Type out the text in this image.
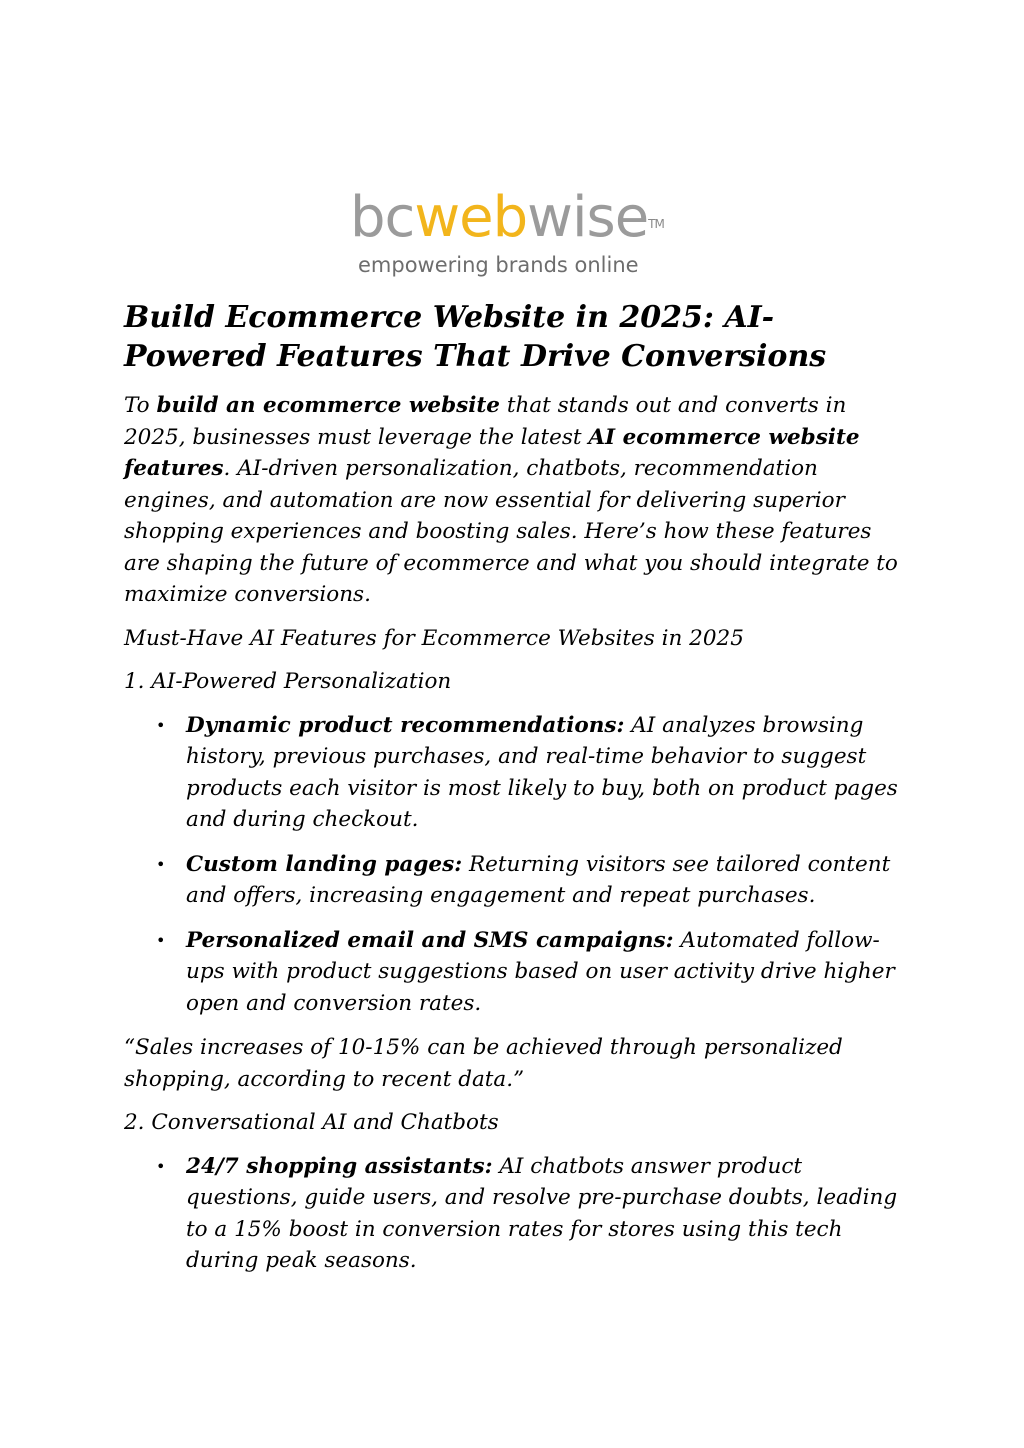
bcwebwise™
empowering brands online
Build Ecommerce Website in 2025: AI-Powered Features That Drive Conversions

To build an ecommerce website that stands out and converts in 2025, businesses must leverage the latest AI ecommerce website features. AI-driven personalization, chatbots, recommendation engines, and automation are now essential for delivering superior shopping experiences and boosting sales. Here’s how these features are shaping the future of ecommerce and what you should integrate to maximize conversions.

Must-Have AI Features for Ecommerce Websites in 2025

1. AI-Powered Personalization

• Dynamic product recommendations: AI analyzes browsing history, previous purchases, and real-time behavior to suggest products each visitor is most likely to buy, both on product pages and during checkout.
• Custom landing pages: Returning visitors see tailored content and offers, increasing engagement and repeat purchases.
• Personalized email and SMS campaigns: Automated follow-ups with product suggestions based on user activity drive higher open and conversion rates.

“Sales increases of 10-15% can be achieved through personalized shopping, according to recent data.”

2. Conversational AI and Chatbots

• 24/7 shopping assistants: AI chatbots answer product questions, guide users, and resolve pre-purchase doubts, leading to a 15% boost in conversion rates for stores using this tech during peak seasons.
